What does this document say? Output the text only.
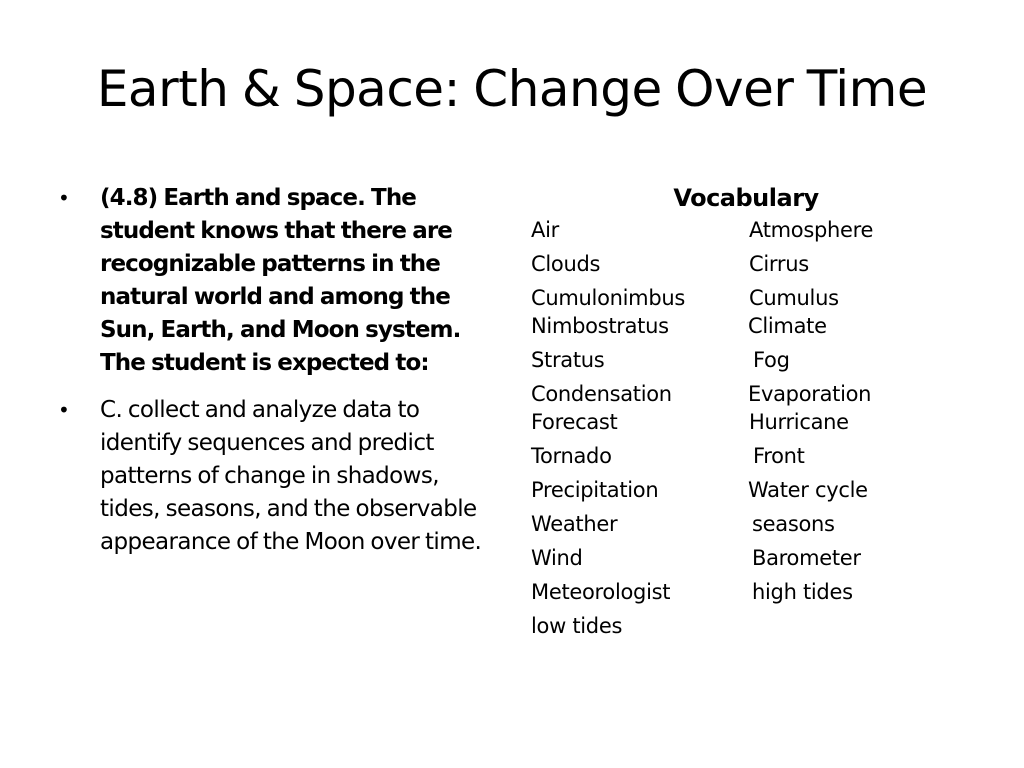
Earth & Space: Change Over Time
• (4.8) Earth and space. The student knows that there are recognizable patterns in the natural world and among the Sun, Earth, and Moon system. The student is expected to:
• C. collect and analyze data to identify sequences and predict patterns of change in shadows, tides, seasons, and the observable appearance of the Moon over time.
Vocabulary
Air	Atmosphere
Clouds	Cirrus
Cumulonimbus	Cumulus
Nimbostratus	Climate
Stratus	Fog
Condensation	Evaporation
Forecast	Hurricane
Tornado	Front
Precipitation	Water cycle
Weather	seasons
Wind	Barometer
Meteorologist	high tides
low tides
